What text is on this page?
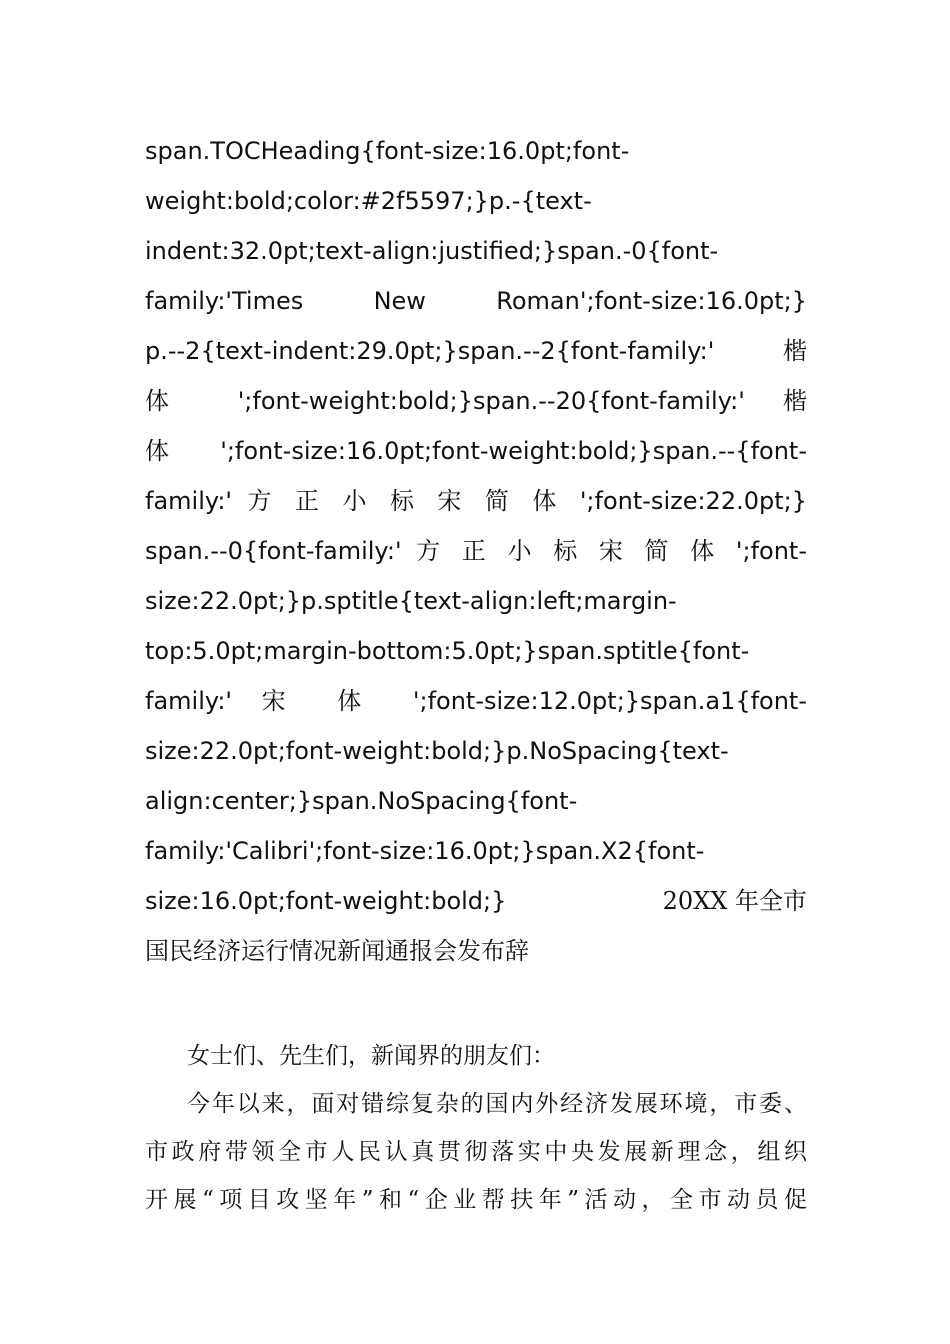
span.TOCHeading{font-size:16.0pt;font-
weight:bold;color:#2f5597;}p.-{text-
indent:32.0pt;text-align:justified;}span.-0{font-
family:'Times New Roman';font-size:16.0pt;}
p.--2{text-indent:29.0pt;}span.--2{font-family:' 楷
体 ';font-weight:bold;}span.--20{font-family:' 楷
体 ';font-size:16.0pt;font-weight:bold;}span.--{font-
family:' 方 正 小 标 宋 简 体 ';font-size:22.0pt;}
span.--0{font-family:' 方 正 小 标 宋 简 体 ';font-
size:22.0pt;}p.sptitle{text-align:left;margin-
top:5.0pt;margin-bottom:5.0pt;}span.sptitle{font-
family:' 宋 体 ';font-size:12.0pt;}span.a1{font-
size:22.0pt;font-weight:bold;}p.NoSpacing{text-
align:center;}span.NoSpacing{font-
family:'Calibri';font-size:16.0pt;}span.X2{font-
size:16.0pt;font-weight:bold;}	20XX 年全市
国民经济运行情况新闻通报会发布辞
女士们、先生们，新闻界的朋友们：
今年以来，面对错综复杂的国内外经济发展环境，市委、
市政府带领全市人民认真贯彻落实中央发展新理念，组织
开展“项目攻坚年”和“企业帮扶年”活动，全市动员促
